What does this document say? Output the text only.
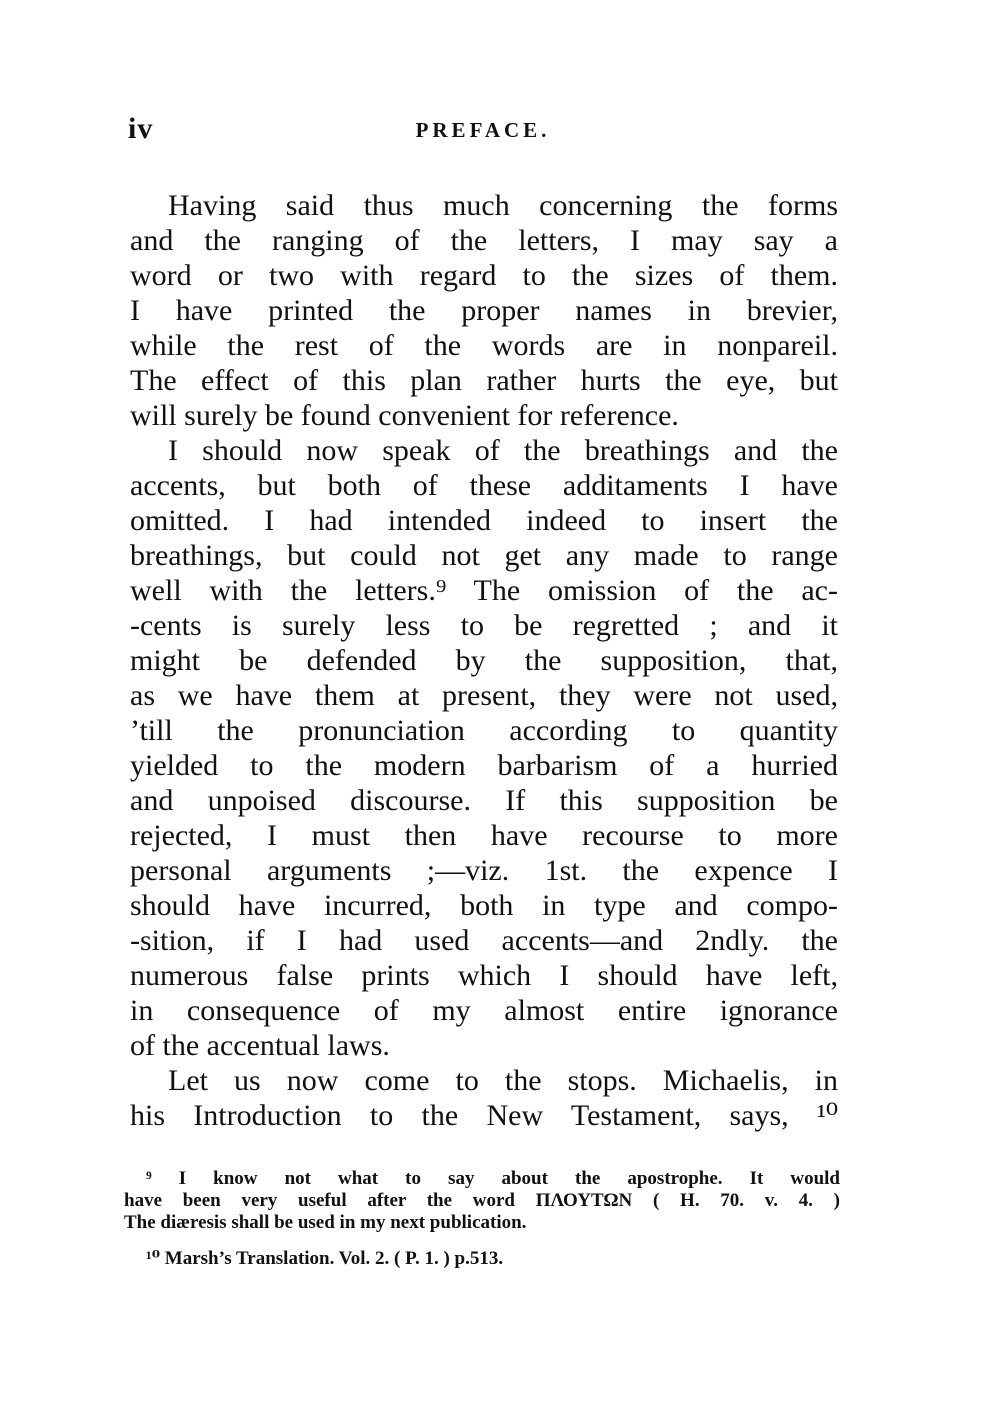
iv	PREFACE.
Having said thus much concerning the forms
and the ranging of the letters, I may say a
word or two with regard to the sizes of them.
I have printed the proper names in brevier,
while the rest of the words are in nonpareil.
The effect of this plan rather hurts the eye, but
will surely be found convenient for reference.
I should now speak of the breathings and the
accents, but both of these additaments I have
omitted. I had intended indeed to insert the
breathings, but could not get any made to range
well with the letters.⁹ The omission of the ac-
-cents is surely less to be regretted ; and it
might be defended by the supposition, that,
as we have them at present, they were not used,
’till the pronunciation according to quantity
yielded to the modern barbarism of a hurried
and unpoised discourse. If this supposition be
rejected, I must then have recourse to more
personal arguments ;—viz. 1st. the expence I
should have incurred, both in type and compo-
-sition, if I had used accents—and 2ndly. the
numerous false prints which I should have left,
in consequence of my almost entire ignorance
of the accentual laws.
Let us now come to the stops. Michaelis, in
his Introduction to the New Testament, says, ¹⁰
⁹ I know not what to say about the apostrophe. It would
have been very useful after the word ΠΛΟΥΤΩΝ ( H. 70. v. 4. )
The diæresis shall be used in my next publication.
¹⁰ Marsh’s Translation. Vol. 2. ( P. 1. ) p.513.
